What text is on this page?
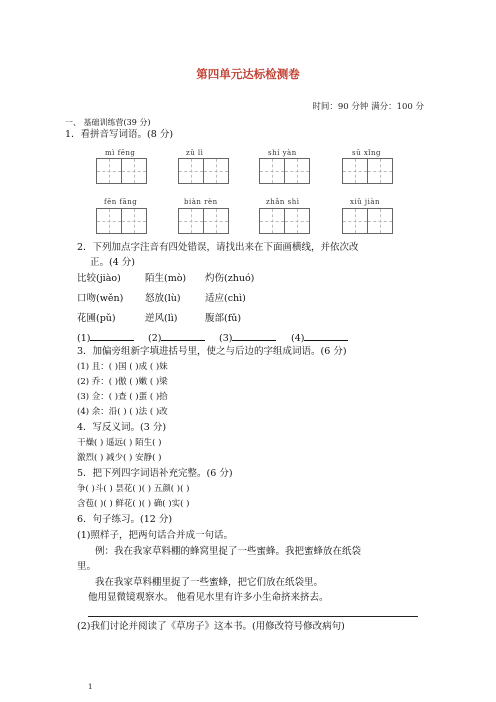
第四单元达标检测卷
时间：90 分钟 满分：100 分
一、 基础训练营(39 分)
1．看拼音写词语。(8 分)
mì fēng	zǔ lì	shí yàn	sū xǐng
fēn fāng	biàn rèn	zhǎn shì	xiǔ jiàn
2．下列加点字注音有四处错误，请找出来在下面画横线，并依次改
正。(4 分)
比较(jiào)	陌生(mò) 灼伤(zhuó)
口吻(wěn) 怒放(lù)	适应(chì)
花圃(pǔ)	逆风(lì)	腹部(fǔ)
(1)	(2)	(3)	(4)
3．加偏旁组新字填进括号里，使之与后边的字组成词语。(6 分)
(1) 且：( )国 ( )成 ( )妹
(2) 乔：( )傲 ( )嫩 ( )梁
(3) 佥：( )查 ( )蛋 ( )拾
(4) 余：沿( ) ( )法 ( )改
4．写反义词。(3 分)
干燥( ) 遥远( ) 陌生( )
激烈( ) 减少( ) 安静( )
5．把下列四字词语补充完整。(6 分)
争( )斗( ) 昙花( )( ) 五颜( )( )
含苞( )( ) 鲜花( )( ) 确( )实( )
6．句子练习。(12 分)
(1)照样子，把两句话合并成一句话。
例：我在我家草料棚的蜂窝里捉了一些蜜蜂。我把蜜蜂放在纸袋
里。
我在我家草料棚里捉了一些蜜蜂，把它们放在纸袋里。
他用显微镜观察水。 他看见水里有许多小生命挤来挤去。
(2)我们讨论并阅读了《草房子》这本书。(用修改符号修改病句)
1
